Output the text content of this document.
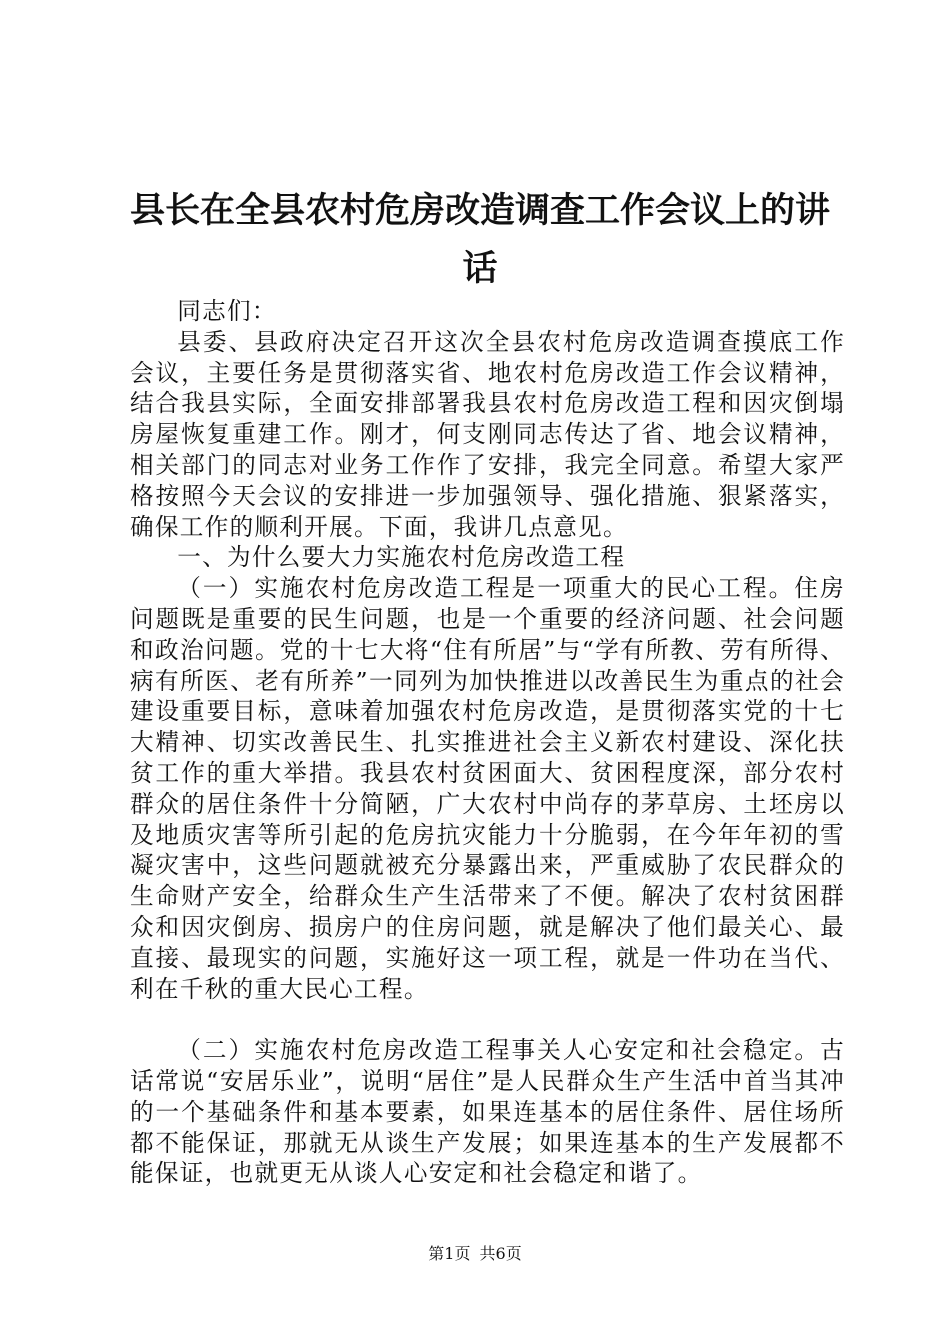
县长在全县农村危房改造调查工作会议上的讲话

同志们：

县委、县政府决定召开这次全县农村危房改造调查摸底工作会议，主要任务是贯彻落实省、地农村危房改造工作会议精神，结合我县实际，全面安排部署我县农村危房改造工程和因灾倒塌房屋恢复重建工作。刚才，何支刚同志传达了省、地会议精神，相关部门的同志对业务工作作了安排，我完全同意。希望大家严格按照今天会议的安排进一步加强领导、强化措施、狠紧落实，确保工作的顺利开展。下面，我讲几点意见。

一、为什么要大力实施农村危房改造工程

（一）实施农村危房改造工程是一项重大的民心工程。住房问题既是重要的民生问题，也是一个重要的经济问题、社会问题和政治问题。党的十七大将“住有所居”与“学有所教、劳有所得、病有所医、老有所养”一同列为加快推进以改善民生为重点的社会建设重要目标，意味着加强农村危房改造，是贯彻落实党的十七大精神、切实改善民生、扎实推进社会主义新农村建设、深化扶贫工作的重大举措。我县农村贫困面大、贫困程度深，部分农村群众的居住条件十分简陋，广大农村中尚存的茅草房、土坯房以及地质灾害等所引起的危房抗灾能力十分脆弱，在今年年初的雪凝灾害中，这些问题就被充分暴露出来，严重威胁了农民群众的生命财产安全，给群众生产生活带来了不便。解决了农村贫困群众和因灾倒房、损房户的住房问题，就是解决了他们最关心、最直接、最现实的问题，实施好这一项工程，就是一件功在当代、利在千秋的重大民心工程。

（二）实施农村危房改造工程事关人心安定和社会稳定。古话常说“安居乐业”，说明“居住”是人民群众生产生活中首当其冲的一个基础条件和基本要素，如果连基本的居住条件、居住场所都不能保证，那就无从谈生产发展；如果连基本的生产发展都不能保证，也就更无从谈人心安定和社会稳定和谐了。

第1页 共6页
